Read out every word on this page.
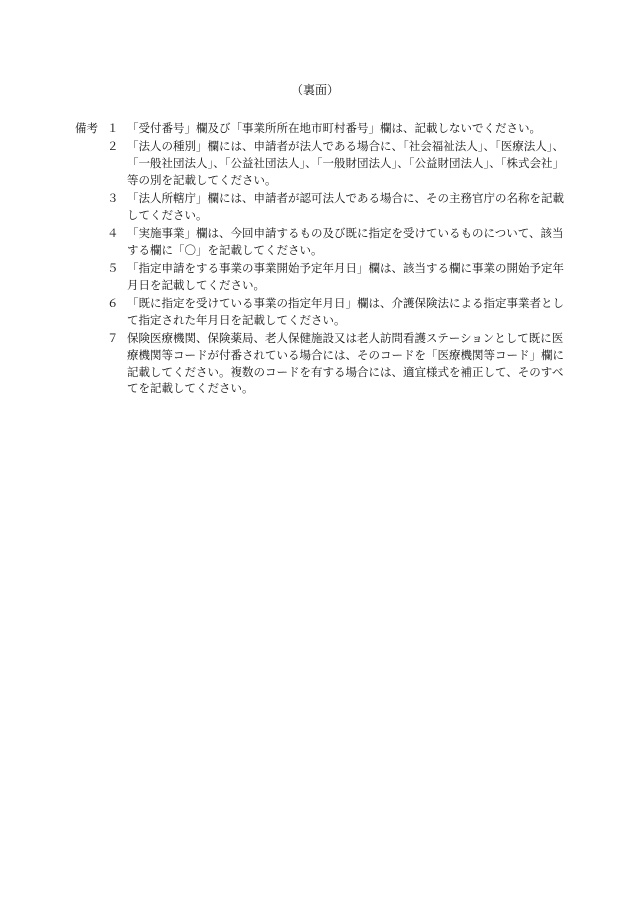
（裏面）
備考 １ 「受付番号」欄及び「事業所所在地市町村番号」欄は、記載しないでください。
２ 「法人の種別」欄には、申請者が法人である場合に、「社会福祉法人」、「医療法人」、「一般社団法人」、「公益社団法人」、「一般財団法人」、「公益財団法人」、「株式会社」等の別を記載してください。
３ 「法人所轄庁」欄には、申請者が認可法人である場合に、その主務官庁の名称を記載してください。
４ 「実施事業」欄は、今回申請するもの及び既に指定を受けているものについて、該当する欄に「〇」を記載してください。
５ 「指定申請をする事業の事業開始予定年月日」欄は、該当する欄に事業の開始予定年月日を記載してください。
６ 「既に指定を受けている事業の指定年月日」欄は、介護保険法による指定事業者として指定された年月日を記載してください。
７ 保険医療機関、保険薬局、老人保健施設又は老人訪問看護ステーションとして既に医療機関等コードが付番されている場合には、そのコードを「医療機関等コード」欄に記載してください。複数のコードを有する場合には、適宜様式を補正して、そのすべてを記載してください。
